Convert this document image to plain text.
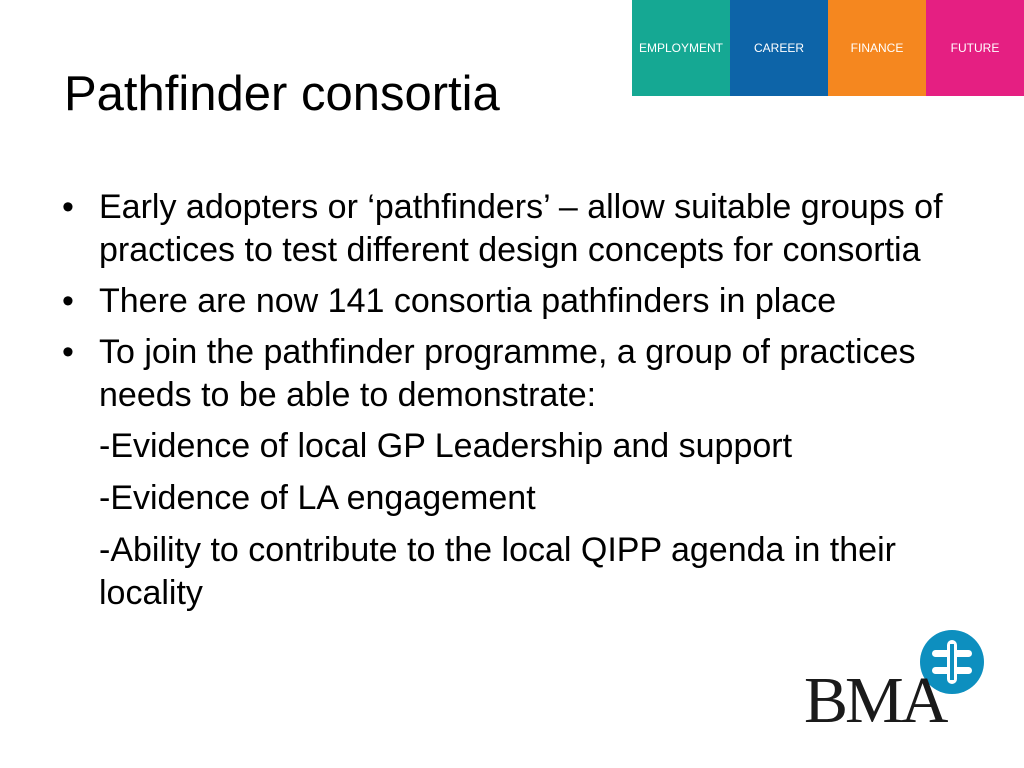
EMPLOYMENT	CAREER	FINANCE	FUTURE
Pathfinder consortia
• Early adopters or ‘pathfinders’ – allow suitable groups of practices to test different design concepts for consortia
• There are now 141 consortia pathfinders in place
• To join the pathfinder programme, a group of practices needs to be able to demonstrate:
-Evidence of local GP Leadership and support
-Evidence of LA engagement
-Ability to contribute to the local QIPP agenda in their locality
BMA
